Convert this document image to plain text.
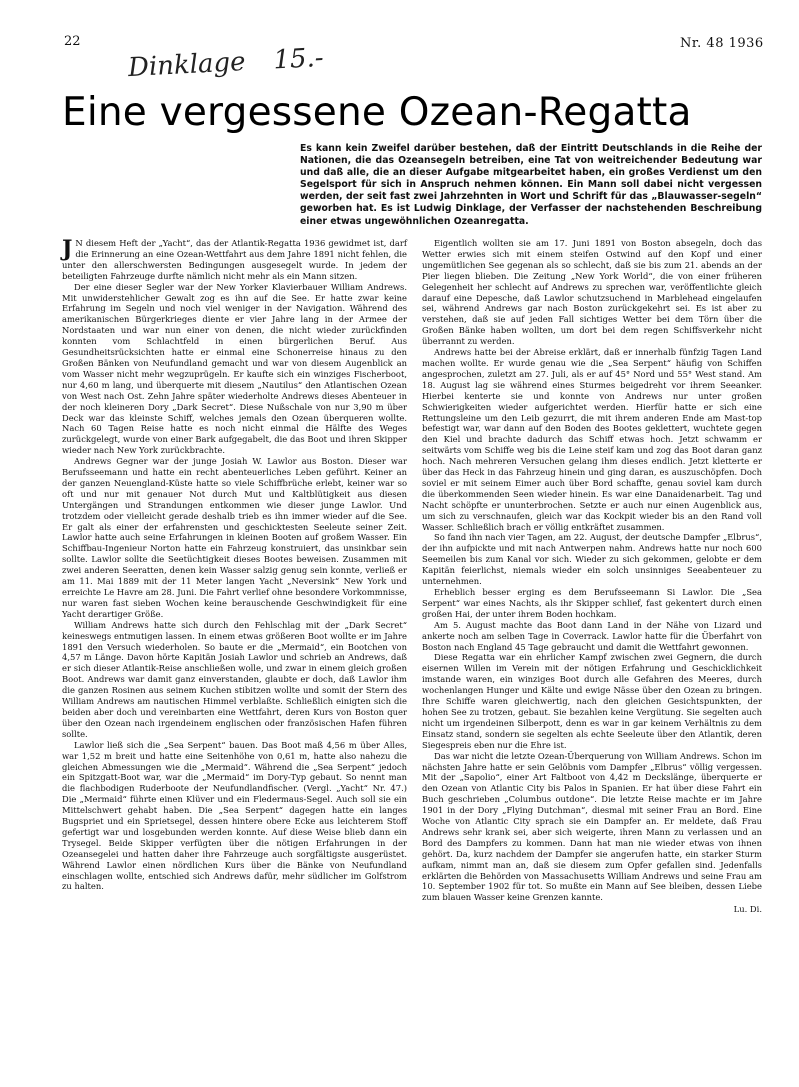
22	Nr. 48 1936
Dinklage 15.-
Eine vergessene Ozean-Regatta

Es kann kein Zweifel darüber bestehen, daß der Eintritt Deutschlands in die Reihe der Nationen, die das Ozeansegeln betreiben, eine Tat von weitreichender Bedeutung war und daß alle, die an dieser Aufgabe mitgearbeitet haben, ein großes Verdienst um den Segelsport für sich in Anspruch nehmen können. Ein Mann soll dabei nicht vergessen werden, der seit fast zwei Jahrzehnten in Wort und Schrift für das „Blauwasser-segeln“ geworben hat. Es ist Ludwig Dinklage, der Verfasser der nachstehenden Beschreibung einer etwas ungewöhnlichen Ozeanregatta.

J N diesem Heft der „Yacht“, das der Atlantik-Regatta 1936 gewidmet ist, darf die Erinnerung an eine Ozean-Wettfahrt aus dem Jahre 1891 nicht fehlen, die unter den allerschwersten Bedingungen ausgesegelt wurde. In jedem der beteiligten Fahrzeuge durfte nämlich nicht mehr als ein Mann sitzen.

Der eine dieser Segler war der New Yorker Klavierbauer William Andrews. Mit unwiderstehlicher Gewalt zog es ihn auf die See. Er hatte zwar keine Erfahrung im Segeln und noch viel weniger in der Navigation. Während des amerikanischen Bürgerkrieges diente er vier Jahre lang in der Armee der Nordstaaten und war nun einer von denen, die nicht wieder zurückfinden konnten vom Schlachtfeld in einen bürgerlichen Beruf. Aus Gesundheitsrücksichten hatte er einmal eine Schonerreise hinaus zu den Großen Bänken von Neufundland gemacht und war von diesem Augenblick an vom Wasser nicht mehr wegzuprügeln. Er kaufte sich ein winziges Fischerboot, nur 4,60 m lang, und überquerte mit diesem „Nautilus“ den Atlantischen Ozean von West nach Ost. Zehn Jahre später wiederholte Andrews dieses Abenteuer in der noch kleineren Dory „Dark Secret“. Diese Nußschale von nur 3,90 m über Deck war das kleinste Schiff, welches jemals den Ozean überqueren wollte. Nach 60 Tagen Reise hatte es noch nicht einmal die Hälfte des Weges zurückgelegt, wurde von einer Bark aufgegabelt, die das Boot und ihren Skipper wieder nach New York zurückbrachte.

Andrews Gegner war der junge Josiah W. Lawlor aus Boston. Dieser war Berufsseemann und hatte ein recht abenteuerliches Leben geführt. Keiner an der ganzen Neuengland-Küste hatte so viele Schiffbrüche erlebt, keiner war so oft und nur mit genauer Not durch Mut und Kaltblütigkeit aus diesen Untergängen und Strandungen entkommen wie dieser junge Lawlor. Und trotzdem oder vielleicht gerade deshalb trieb es ihn immer wieder auf die See. Er galt als einer der erfahrensten und geschicktesten Seeleute seiner Zeit. Lawlor hatte auch seine Erfahrungen in kleinen Booten auf großem Wasser. Ein Schiffbau-Ingenieur Norton hatte ein Fahrzeug konstruiert, das unsinkbar sein sollte. Lawlor sollte die Seetüchtigkeit dieses Bootes beweisen. Zusammen mit zwei anderen Seeratten, denen kein Wasser salzig genug sein konnte, verließ er am 11. Mai 1889 mit der 11 Meter langen Yacht „Neversink“ New York und erreichte Le Havre am 28. Juni. Die Fahrt verlief ohne besondere Vorkommnisse, nur waren fast sieben Wochen keine berauschende Geschwindigkeit für eine Yacht derartiger Größe.

William Andrews hatte sich durch den Fehlschlag mit der „Dark Secret“ keineswegs entmutigen lassen. In einem etwas größeren Boot wollte er im Jahre 1891 den Versuch wiederholen. So baute er die „Mermaid“, ein Bootchen von 4,57 m Länge. Davon hörte Kapitän Josiah Lawlor und schrieb an Andrews, daß er sich dieser Atlantik-Reise anschließen wolle, und zwar in einem gleich großen Boot. Andrews war damit ganz einverstanden, glaubte er doch, daß Lawlor ihm die ganzen Rosinen aus seinem Kuchen stibitzen wollte und somit der Stern des William Andrews am nautischen Himmel verblaßte. Schließlich einigten sich die beiden aber doch und vereinbarten eine Wettfahrt, deren Kurs von Boston quer über den Ozean nach irgendeinem englischen oder französischen Hafen führen sollte.

Lawlor ließ sich die „Sea Serpent“ bauen. Das Boot maß 4,56 m über Alles, war 1,52 m breit und hatte eine Seitenhöhe von 0,61 m, hatte also nahezu die gleichen Abmessungen wie die „Mermaid“. Während die „Sea Serpent“ jedoch ein Spitzgatt-Boot war, war die „Mermaid“ im Dory-Typ gebaut. So nennt man die flachbodigen Ruderboote der Neufundlandfischer. (Vergl. „Yacht“ Nr. 47.) Die „Mermaid“ führte einen Klüver und ein Fledermaus-Segel. Auch soll sie ein Mittelschwert gehabt haben. Die „Sea Serpent“ dagegen hatte ein langes Bugspriet und ein Sprietsegel, dessen hintere obere Ecke aus leichterem Stoff gefertigt war und losgebunden werden konnte. Auf diese Weise blieb dann ein Trysegel. Beide Skipper verfügten über die nötigen Erfahrungen in der Ozeansegelei und hatten daher ihre Fahrzeuge auch sorgfältigste ausgerüstet. Während Lawlor einen nördlichen Kurs über die Bänke von Neufundland einschlagen wollte, entschied sich Andrews dafür, mehr südlicher im Golfstrom zu halten.

Eigentlich wollten sie am 17. Juni 1891 von Boston absegeln, doch das Wetter erwies sich mit einem steifen Ostwind auf den Kopf und einer ungemütlichen See gegenan als so schlecht, daß sie bis zum 21. abends an der Pier liegen blieben. Die Zeitung „New York World“, die von einer früheren Gelegenheit her schlecht auf Andrews zu sprechen war, veröffentlichte gleich darauf eine Depesche, daß Lawlor schutzsuchend in Marblehead eingelaufen sei, während Andrews gar nach Boston zurückgekehrt sei. Es ist aber zu verstehen, daß sie auf jeden Fall sichtiges Wetter bei dem Törn über die Großen Bänke haben wollten, um dort bei dem regen Schiffsverkehr nicht überrannt zu werden.

Andrews hatte bei der Abreise erklärt, daß er innerhalb fünfzig Tagen Land machen wollte. Er wurde genau wie die „Sea Serpent“ häufig von Schiffen angesprochen, zuletzt am 27. Juli, als er auf 45° Nord und 55° West stand. Am 18. August lag sie während eines Sturmes beigedreht vor ihrem Seeanker. Hierbei kenterte sie und konnte von Andrews nur unter großen Schwierigkeiten wieder aufgerichtet werden. Hierfür hatte er sich eine Rettungsleine um den Leib gezurrt, die mit ihrem anderen Ende am Mast-top befestigt war, war dann auf den Boden des Bootes geklettert, wuchtete gegen den Kiel und brachte dadurch das Schiff etwas hoch. Jetzt schwamm er seitwärts vom Schiffe weg bis die Leine steif kam und zog das Boot daran ganz hoch. Nach mehreren Versuchen gelang ihm dieses endlich. Jetzt kletterte er über das Heck in das Fahrzeug hinein und ging daran, es auszuschöpfen. Doch soviel er mit seinem Eimer auch über Bord schaffte, genau soviel kam durch die überkommenden Seen wieder hinein. Es war eine Danaidenarbeit. Tag und Nacht schöpfte er ununterbrochen. Setzte er auch nur einen Augenblick aus, um sich zu verschnaufen, gleich war das Kockpit wieder bis an den Rand voll Wasser. Schließlich brach er völlig entkräftet zusammen.

So fand ihn nach vier Tagen, am 22. August, der deutsche Dampfer „Elbrus“, der ihn aufpickte und mit nach Antwerpen nahm. Andrews hatte nur noch 600 Seemeilen bis zum Kanal vor sich. Wieder zu sich gekommen, gelobte er dem Kapitän feierlichst, niemals wieder ein solch unsinniges Seeabenteuer zu unternehmen.

Erheblich besser erging es dem Berufsseemann Si Lawlor. Die „Sea Serpent“ war eines Nachts, als ihr Skipper schlief, fast gekentert durch einen großen Hai, der unter ihrem Boden hochkam.

Am 5. August machte das Boot dann Land in der Nähe von Lizard und ankerte noch am selben Tage in Coverrack. Lawlor hatte für die Überfahrt von Boston nach England 45 Tage gebraucht und damit die Wettfahrt gewonnen.

Diese Regatta war ein ehrlicher Kampf zwischen zwei Gegnern, die durch eisernen Willen im Verein mit der nötigen Erfahrung und Geschicklichkeit imstande waren, ein winziges Boot durch alle Gefahren des Meeres, durch wochenlangen Hunger und Kälte und ewige Nässe über den Ozean zu bringen. Ihre Schiffe waren gleichwertig, nach den gleichen Gesichtspunkten, der hohen See zu trotzen, gebaut. Sie bezahlen keine Vergütung. Sie segelten auch nicht um irgendeinen Silberpott, denn es war in gar keinem Verhältnis zu dem Einsatz stand, sondern sie segelten als echte Seeleute über den Atlantik, deren Siegespreis eben nur die Ehre ist.

Das war nicht die letzte Ozean-Überquerung von William Andrews. Schon im nächsten Jahre hatte er sein Gelöbnis vom Dampfer „Elbrus“ völlig vergessen. Mit der „Sapolio“, einer Art Faltboot von 4,42 m Deckslänge, überquerte er den Ozean von Atlantic City bis Palos in Spanien. Er hat über diese Fahrt ein Buch geschrieben „Columbus outdone“. Die letzte Reise machte er im Jahre 1901 in der Dory „Flying Dutchman“, diesmal mit seiner Frau an Bord. Eine Woche von Atlantic City sprach sie ein Dampfer an. Er meldete, daß Frau Andrews sehr krank sei, aber sich weigerte, ihren Mann zu verlassen und an Bord des Dampfers zu kommen. Dann hat man nie wieder etwas von ihnen gehört. Da, kurz nachdem der Dampfer sie angerufen hatte, ein starker Sturm aufkam, nimmt man an, daß sie diesem zum Opfer gefallen sind. Jedenfalls erklärten die Behörden von Massachusetts William Andrews und seine Frau am 10. September 1902 für tot. So mußte ein Mann auf See bleiben, dessen Liebe zum blauen Wasser keine Grenzen kannte.

Lu. Di.
